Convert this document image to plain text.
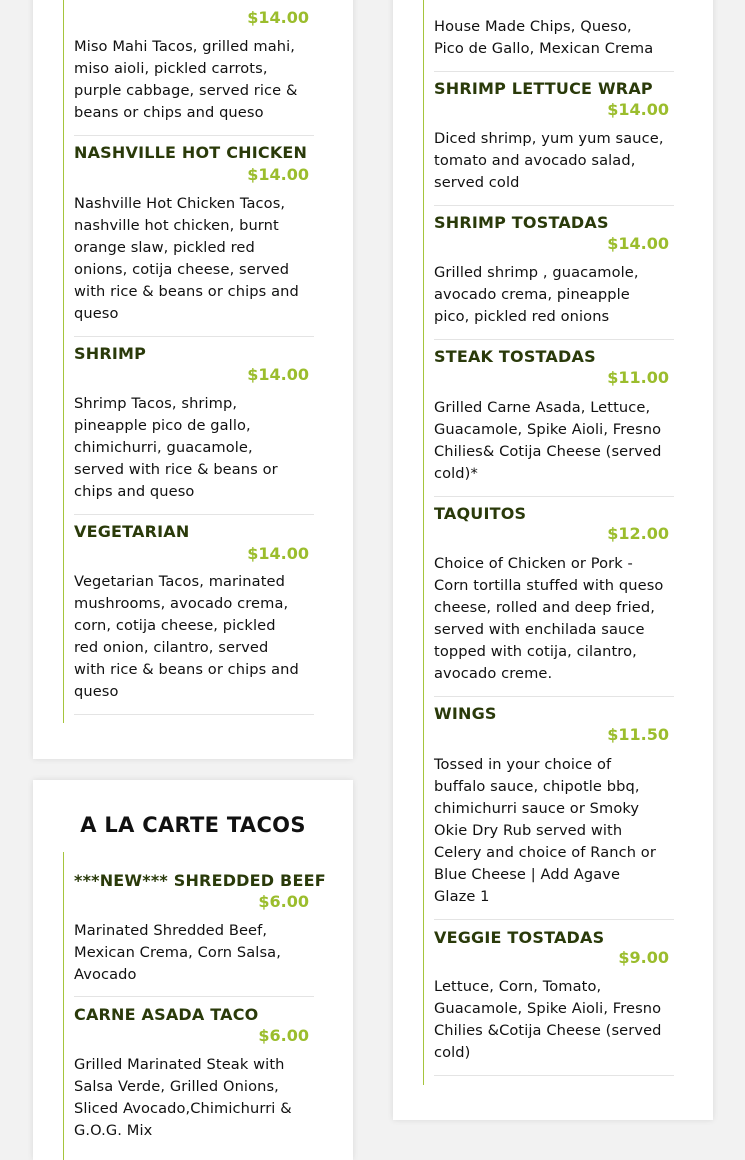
$14.00
Miso Mahi Tacos, grilled mahi, miso aioli, pickled carrots, purple cabbage, served rice & beans or chips and queso
NASHVILLE HOT CHICKEN
$14.00
Nashville Hot Chicken Tacos, nashville hot chicken, burnt orange slaw, pickled red onions, cotija cheese, served with rice & beans or chips and queso
SHRIMP
$14.00
Shrimp Tacos, shrimp, pineapple pico de gallo, chimichurri, guacamole, served with rice & beans or chips and queso
VEGETARIAN
$14.00
Vegetarian Tacos, marinated mushrooms, avocado crema, corn, cotija cheese, pickled red onion, cilantro, served with rice & beans or chips and queso
A LA CARTE TACOS
***NEW*** SHREDDED BEEF
$6.00
Marinated Shredded Beef, Mexican Crema, Corn Salsa, Avocado
CARNE ASADA TACO
$6.00
Grilled Marinated Steak with Salsa Verde, Grilled Onions, Sliced Avocado,Chimichurri & G.O.G. Mix
House Made Chips, Queso, Pico de Gallo, Mexican Crema
SHRIMP LETTUCE WRAP
$14.00
Diced shrimp, yum yum sauce, tomato and avocado salad, served cold
SHRIMP TOSTADAS
$14.00
Grilled shrimp , guacamole, avocado crema, pineapple pico, pickled red onions
STEAK TOSTADAS
$11.00
Grilled Carne Asada, Lettuce, Guacamole, Spike Aioli, Fresno Chilies& Cotija Cheese (served cold)*
TAQUITOS
$12.00
Choice of Chicken or Pork - Corn tortilla stuffed with queso cheese, rolled and deep fried, served with enchilada sauce topped with cotija, cilantro, avocado creme.
WINGS
$11.50
Tossed in your choice of buffalo sauce, chipotle bbq, chimichurri sauce or Smoky Okie Dry Rub served with Celery and choice of Ranch or Blue Cheese | Add Agave Glaze 1
VEGGIE TOSTADAS
$9.00
Lettuce, Corn, Tomato, Guacamole, Spike Aioli, Fresno Chilies &Cotija Cheese (served cold)
